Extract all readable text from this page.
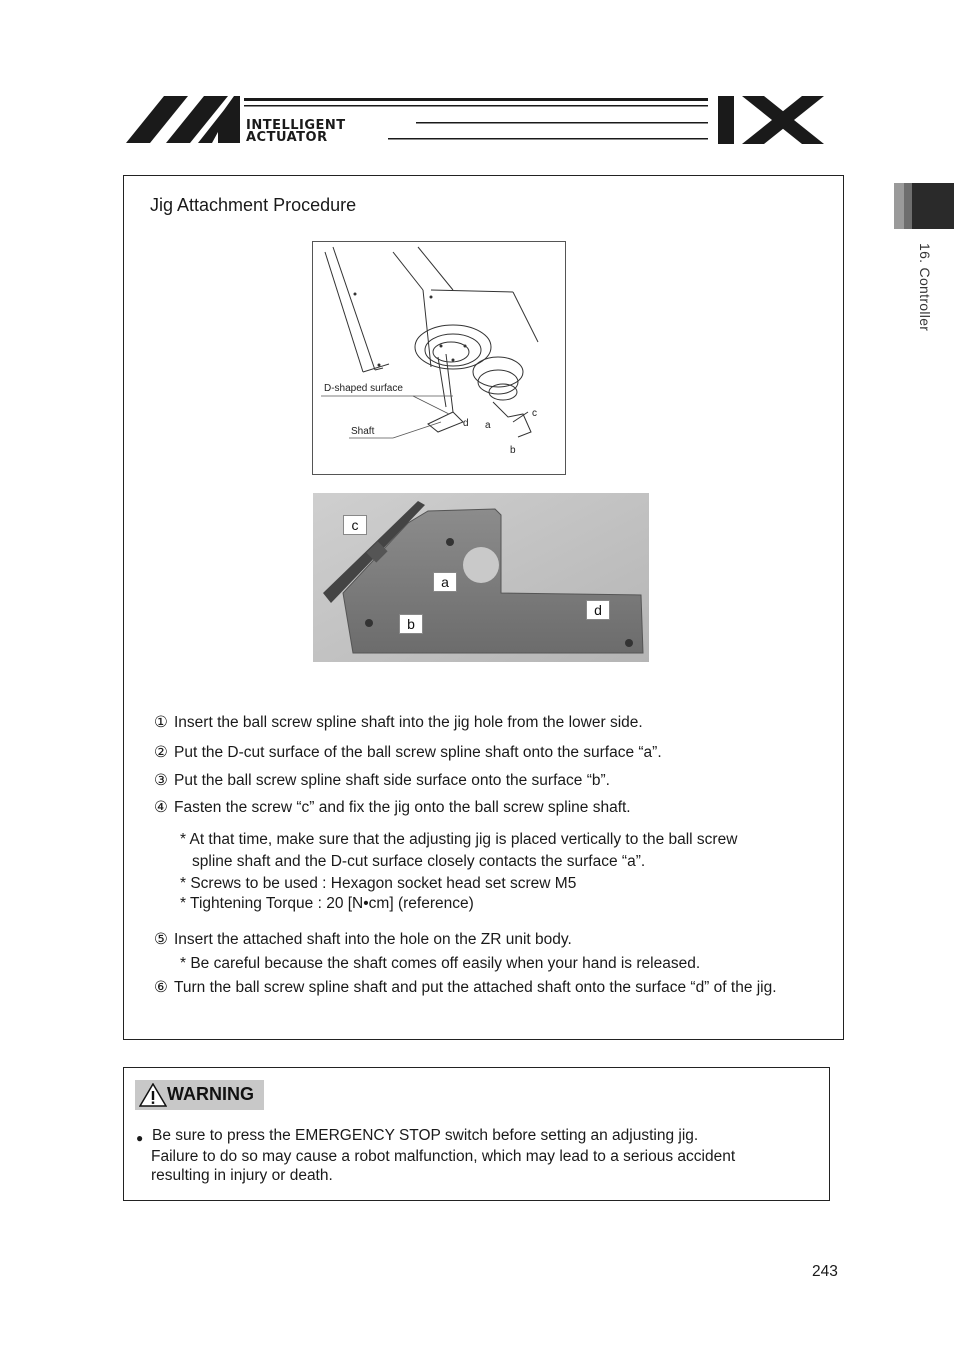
INTELLIGENT
ACTUATOR
16. Controller
Jig Attachment Procedure
D-shaped surface
Shaft
d a
c
b
c
a
b
d
① Insert the ball screw spline shaft into the jig hole from the lower side.
② Put the D-cut surface of the ball screw spline shaft onto the surface “a”.
③ Put the ball screw spline shaft side surface onto the surface “b”.
④ Fasten the screw “c” and fix the jig onto the ball screw spline shaft.
* At that time, make sure that the adjusting jig is placed vertically to the ball screw
spline shaft and the D-cut surface closely contacts the surface “a”.
* Screws to be used : Hexagon socket head set screw M5
* Tightening Torque : 20 [N•cm] (reference)
⑤ Insert the attached shaft into the hole on the ZR unit body.
* Be careful because the shaft comes off easily when your hand is released.
⑥ Turn the ball screw spline shaft and put the attached shaft onto the surface “d” of the jig.
WARNING
● Be sure to press the EMERGENCY STOP switch before setting an adjusting jig.
Failure to do so may cause a robot malfunction, which may lead to a serious accident
resulting in injury or death.
243
